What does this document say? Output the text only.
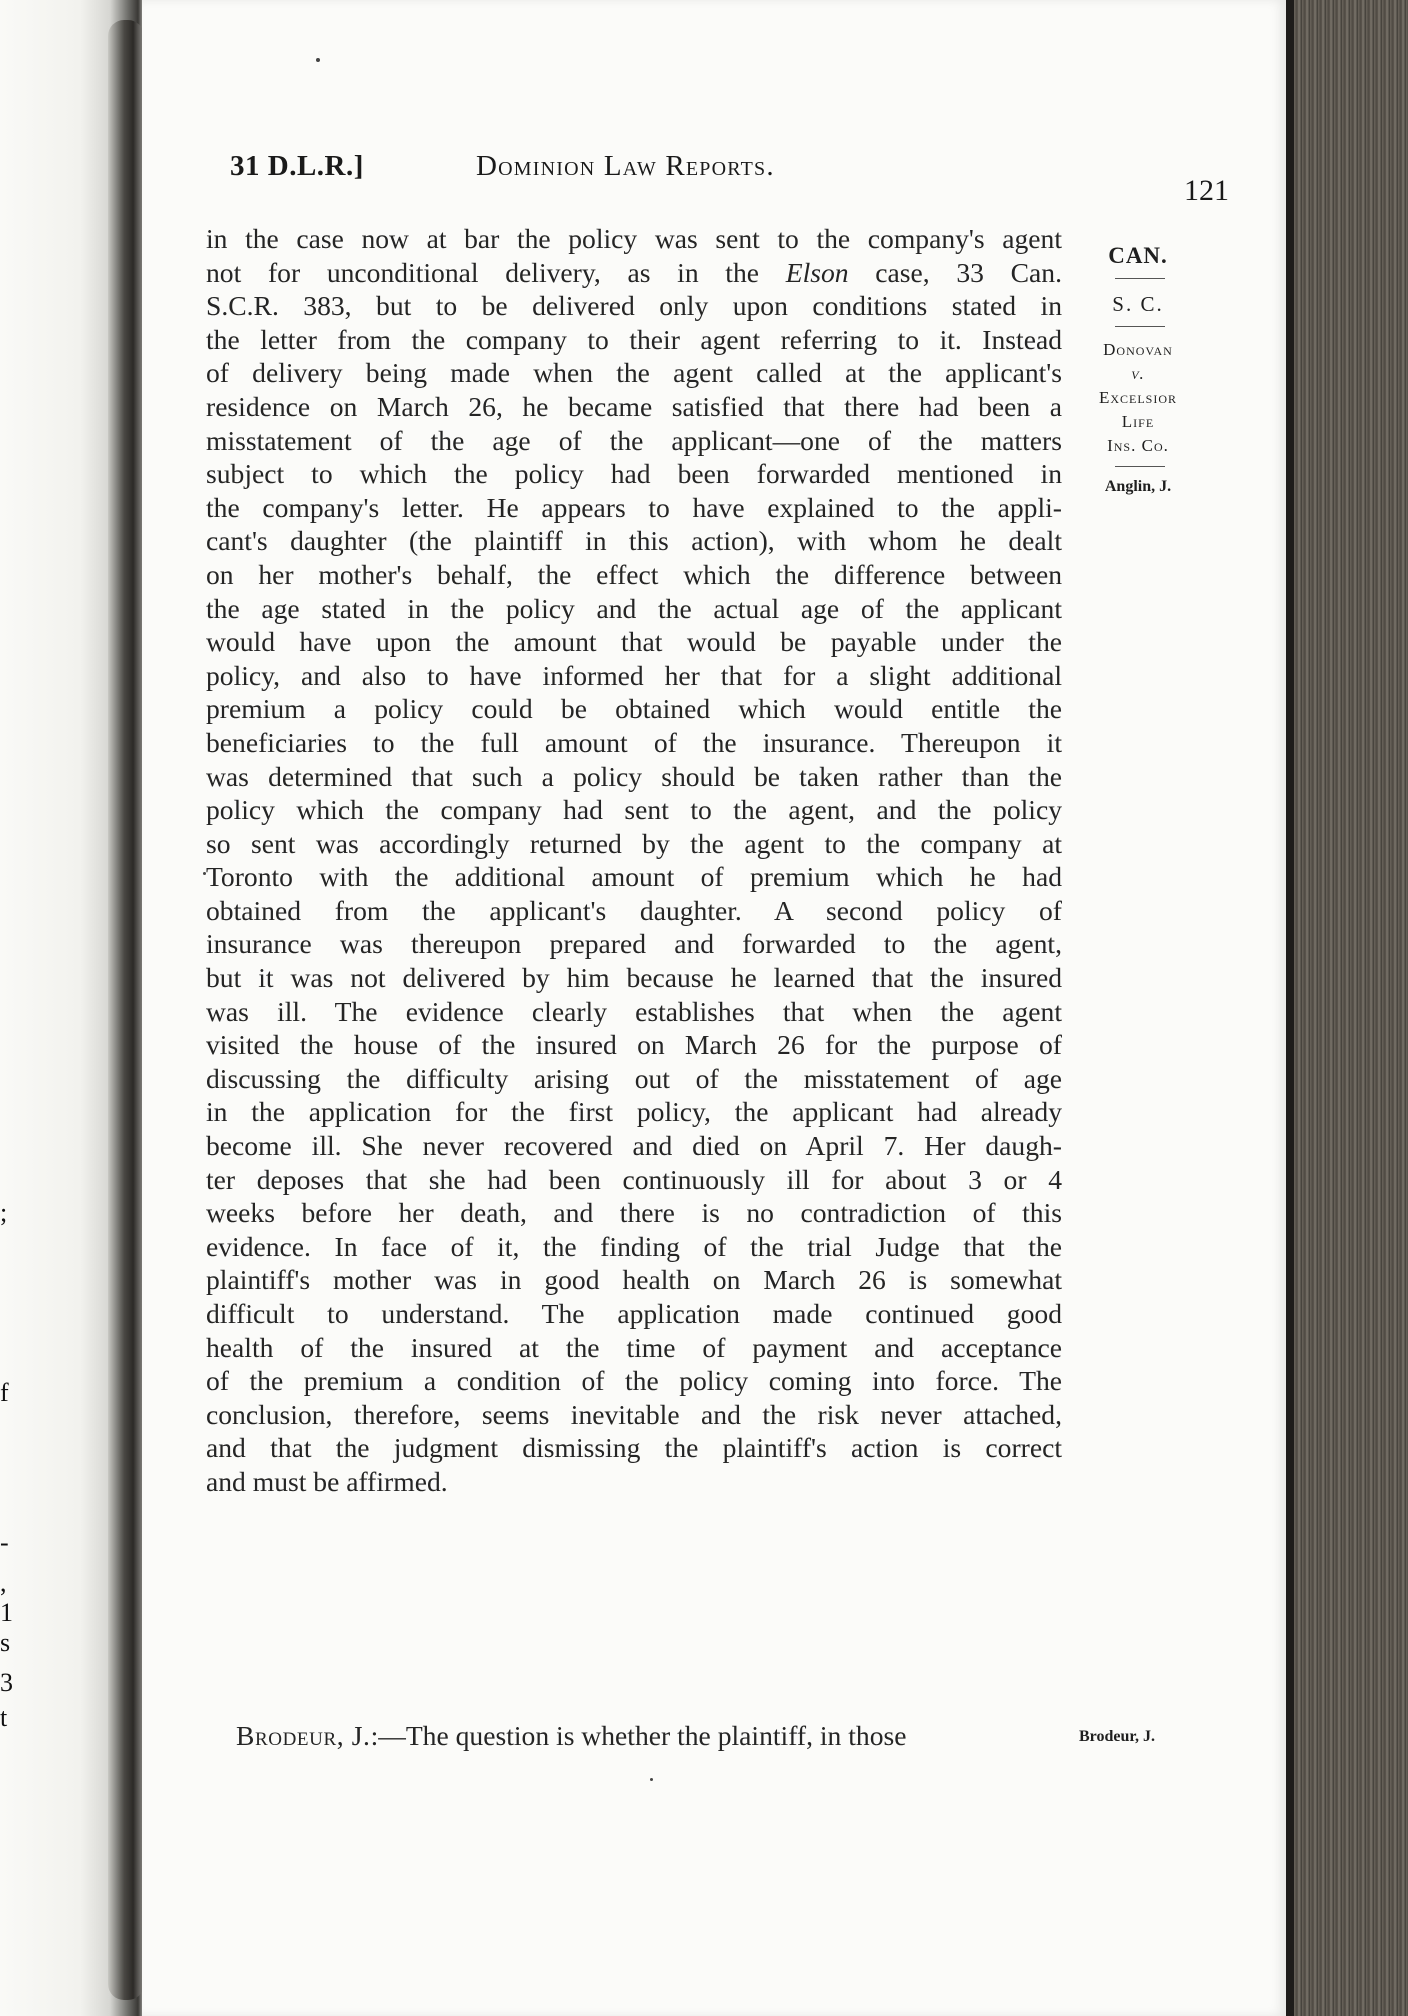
;
f
-
,
1
s
3
t
31 D.L.R.]	Dominion Law Reports.
121
CAN.
S. C.
Donovan
v.
Excelsior
Life
Ins. Co.
Anglin, J.
in the case now at bar the policy was sent to the company's agent
not for unconditional delivery, as in the Elson case, 33 Can.
S.C.R. 383, but to be delivered only upon conditions stated in
the letter from the company to their agent referring to it. Instead
of delivery being made when the agent called at the applicant's
residence on March 26, he became satisfied that there had been a
misstatement of the age of the applicant—one of the matters
subject to which the policy had been forwarded mentioned in
the company's letter. He appears to have explained to the appli-
cant's daughter (the plaintiff in this action), with whom he dealt
on her mother's behalf, the effect which the difference between
the age stated in the policy and the actual age of the applicant
would have upon the amount that would be payable under the
policy, and also to have informed her that for a slight additional
premium a policy could be obtained which would entitle the
beneficiaries to the full amount of the insurance. Thereupon it
was determined that such a policy should be taken rather than the
policy which the company had sent to the agent, and the policy
so sent was accordingly returned by the agent to the company at
Toronto with the additional amount of premium which he had
obtained from the applicant's daughter. A second policy of
insurance was thereupon prepared and forwarded to the agent,
but it was not delivered by him because he learned that the insured
was ill. The evidence clearly establishes that when the agent
visited the house of the insured on March 26 for the purpose of
discussing the difficulty arising out of the misstatement of age
in the application for the first policy, the applicant had already
become ill. She never recovered and died on April 7. Her daugh-
ter deposes that she had been continuously ill for about 3 or 4
weeks before her death, and there is no contradiction of this
evidence. In face of it, the finding of the trial Judge that the
plaintiff's mother was in good health on March 26 is somewhat
difficult to understand. The application made continued good
health of the insured at the time of payment and acceptance
of the premium a condition of the policy coming into force. The
conclusion, therefore, seems inevitable and the risk never attached,
and that the judgment dismissing the plaintiff's action is correct
and must be affirmed.
Brodeur, J.:—The question is whether the plaintiff, in those	Brodeur, J.
